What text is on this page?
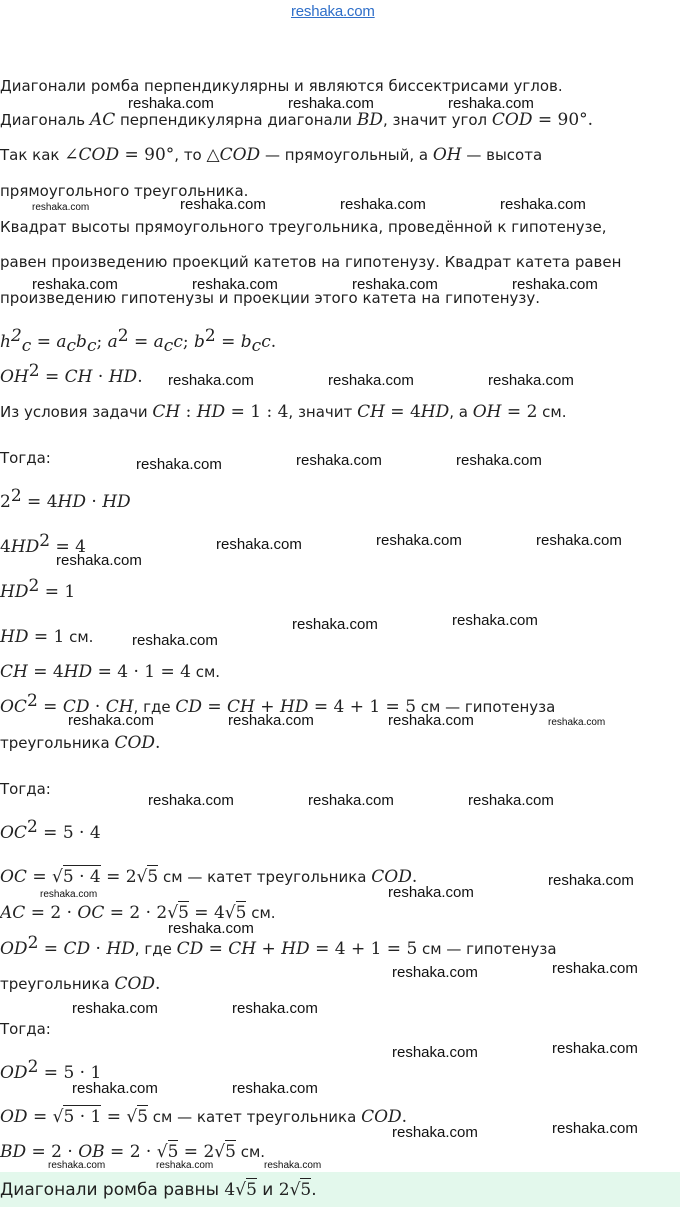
reshaka.com
Диагонали ромба перпендикулярны и являются биссектрисами углов.
Диагональ AC перпендикулярна диагонали BD, значит угол COD = 90°.
Так как ∠COD = 90°, то △COD — прямоугольный, а OH — высота
прямоугольного треугольника.
Квадрат высоты прямоугольного треугольника, проведённой к гипотенузе,
равен произведению проекций катетов на гипотенузу. Квадрат катета равен
произведению гипотенузы и проекции этого катета на гипотенузу.
$h^2_c = a_cb_c$; $a^2 = a_cc$; $b^2 = b_cc$.
$OH^2$ = CH · HD.
Из условия задачи CH : HD = 1 : 4, значит CH = 4HD, а OH = 2 см.
Тогда:
$2^2 = 4HD$ · HD
$4HD^2 = 4$
$HD^2 = 1$
HD = 1 см.
CH = 4HD = 4 · 1 = 4 см.
$OC^2$ = CD · CH, где CD = CH + HD = 4 + 1 = 5 см — гипотенуза
треугольника COD.
Тогда:
$OC^2 = 5 \cdot 4$
OC = √5 · 4 = 2√5 см — катет треугольника COD.
AC = 2 · OC = 2 · 2√5 = 4√5 см.
$OD^2$ = CD · HD, где CD = CH + HD = 4 + 1 = 5 см — гипотенуза
треугольника COD.
Тогда:
$OD^2 = 5 \cdot 1$
OD = √5 · 1 = √5 см — катет треугольника COD.
BD = 2 · OB = 2 · √5 = 2√5 см.
Диагонали ромба равны 4√5 и 2√5.
reshaka.com	reshaka.com	reshaka.com
reshaka.com	reshaka.com	reshaka.com	reshaka.com
reshaka.com	reshaka.com	reshaka.com	reshaka.com
reshaka.com	reshaka.com	reshaka.com
reshaka.com	reshaka.com	reshaka.com
reshaka.com	reshaka.com	reshaka.com
reshaka.com
reshaka.com
reshaka.com	reshaka.com
reshaka.com	reshaka.com	reshaka.com	reshaka.com
reshaka.com	reshaka.com	reshaka.com
reshaka.com	reshaka.com
reshaka.com
reshaka.com
reshaka.com	reshaka.com
reshaka.com	reshaka.com
reshaka.com	reshaka.com
reshaka.com	reshaka.com
reshaka.com	reshaka.com
reshaka.com	reshaka.com	reshaka.com
